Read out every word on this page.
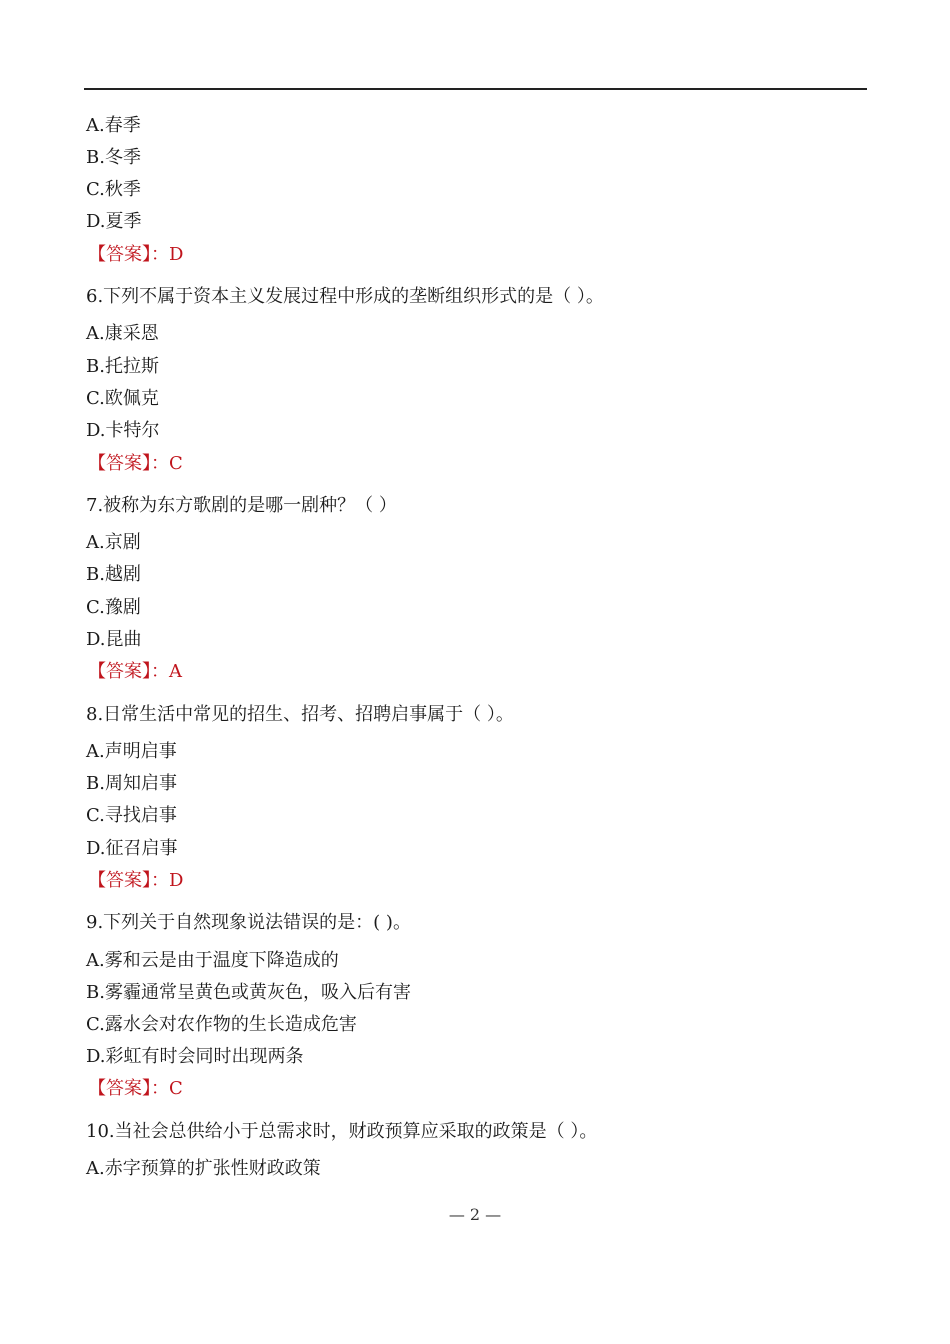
A.春季
B.冬季
C.秋季
D.夏季
【答案】：D
6.下列不属于资本主义发展过程中形成的垄断组织形式的是（ ）。
A.康采恩
B.托拉斯
C.欧佩克
D.卡特尔
【答案】：C
7.被称为东方歌剧的是哪一剧种？（ ）
A.京剧
B.越剧
C.豫剧
D.昆曲
【答案】：A
8.日常生活中常见的招生、招考、招聘启事属于（ ）。
A.声明启事
B.周知启事
C.寻找启事
D.征召启事
【答案】：D
9.下列关于自然现象说法错误的是：( )。
A.雾和云是由于温度下降造成的
B.雾霾通常呈黄色或黄灰色，吸入后有害
C.露水会对农作物的生长造成危害
D.彩虹有时会同时出现两条
【答案】：C
10.当社会总供给小于总需求时，财政预算应采取的政策是（ ）。
A.赤字预算的扩张性财政政策
— 2 —
